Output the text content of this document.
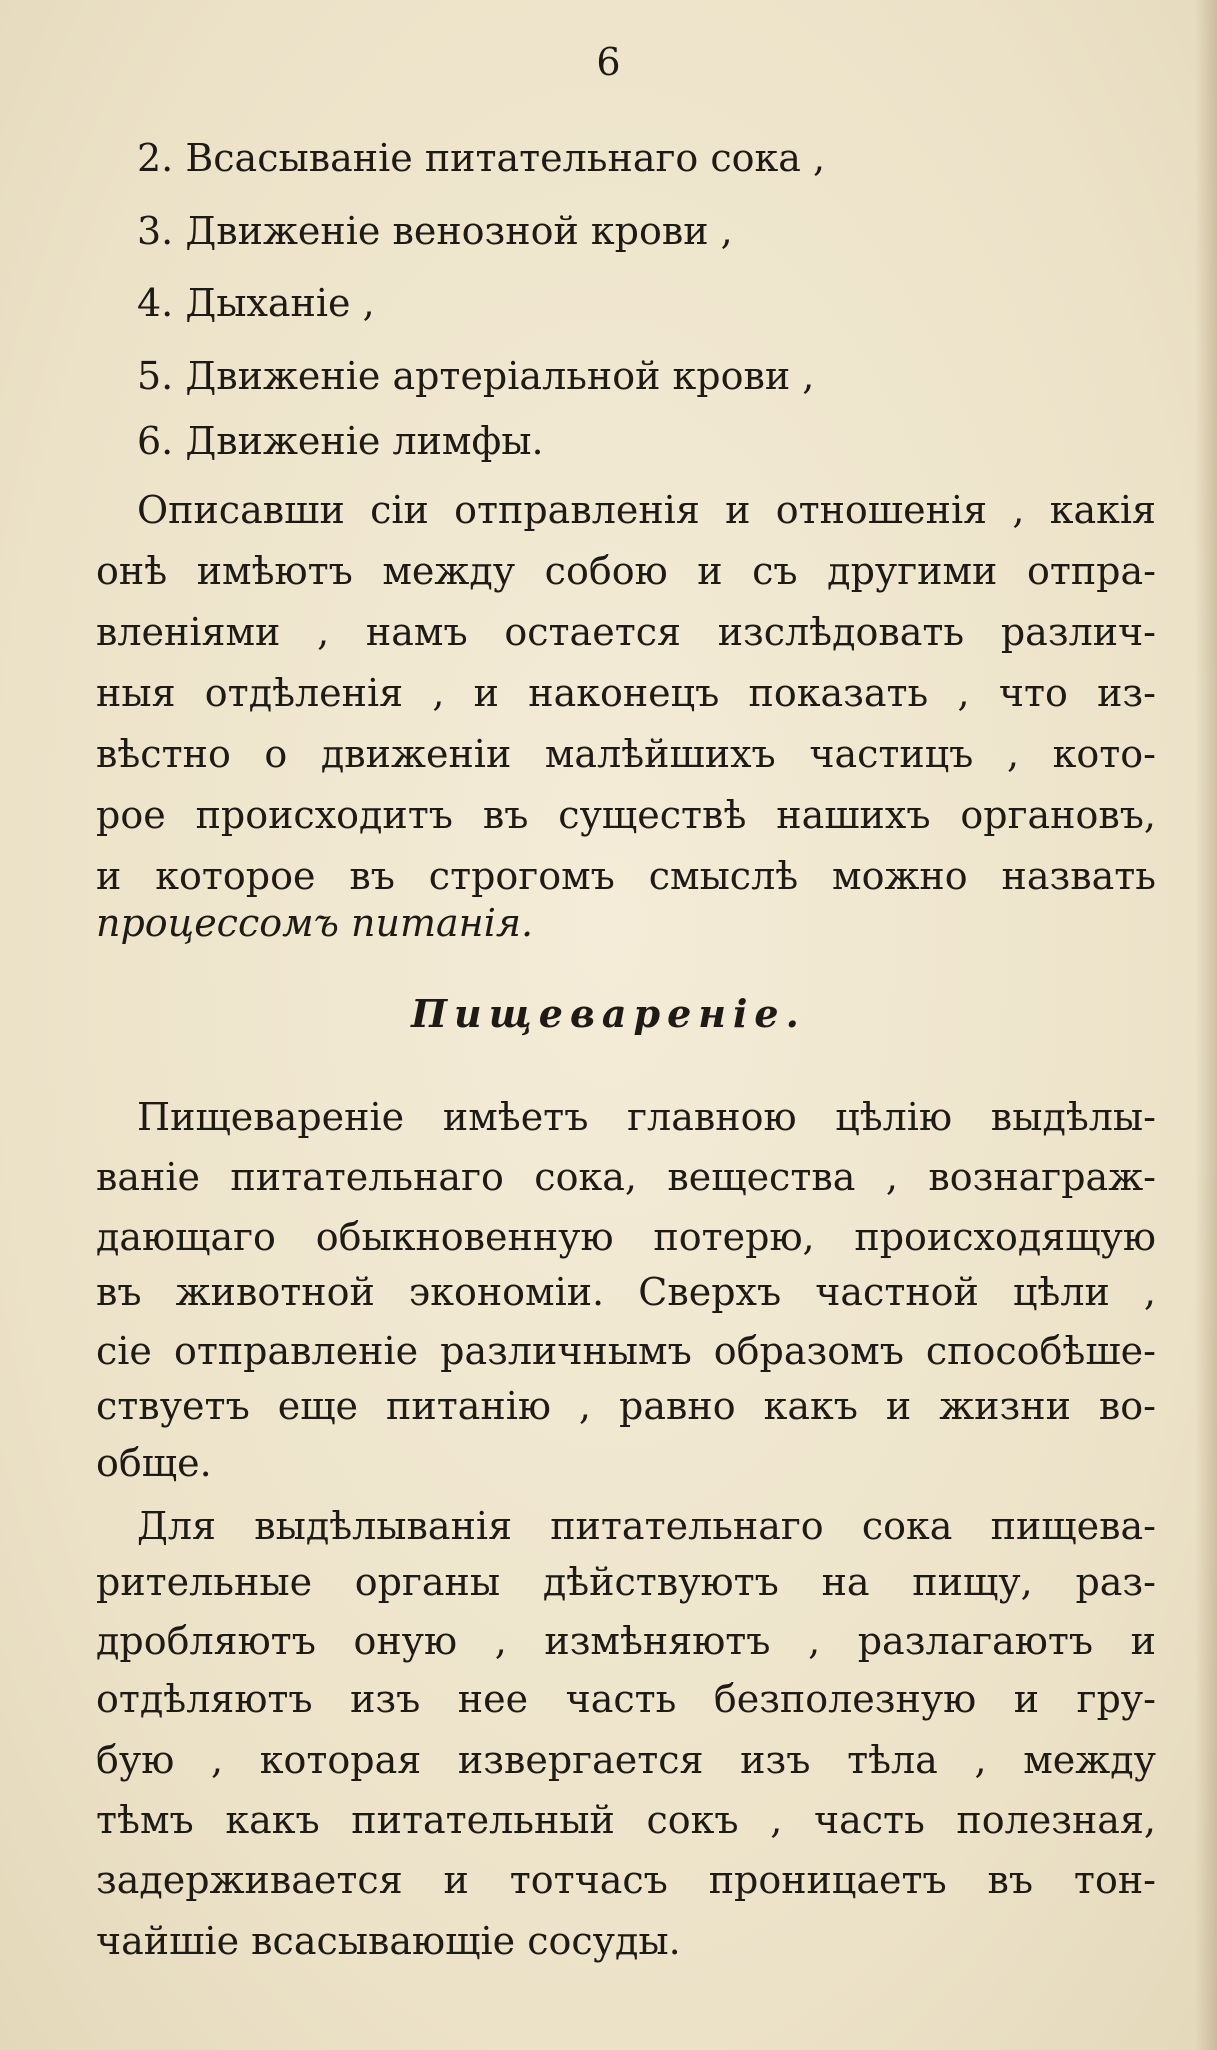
6
2. Всасыванiе питательнаго сока ,
3. Движенiе венозной крови ,
4. Дыханiе ,
5. Движенiе артерiальной крови ,
6. Движенiе лимфы.
Описавши сiи отправленiя и отношенiя , какiя
онѣ имѣютъ между собою и съ другими отпра-
вленiями , намъ остается изслѣдовать различ-
ныя отдѣленiя , и наконецъ показать , что из-
вѣстно о движенiи малѣйшихъ частицъ , кото-
рое происходитъ въ существѣ нашихъ органовъ,
и которое въ строгомъ смыслѣ можно назвать
процессомъ питанiя.
Пищеваренiе.
Пищеваренiе имѣетъ главною цѣлiю выдѣлы-
ванiе питательнаго сока, вещества , вознаграж-
дающаго обыкновенную потерю, происходящую
въ животной экономiи. Сверхъ частной цѣли ,
сiе отправленiе различнымъ образомъ способѣше-
ствуетъ еще питанiю , равно какъ и жизни во-
обще.
Для выдѣлыванiя питательнаго сока пищева-
рительные органы дѣйствуютъ на пищу, раз-
дробляютъ оную , измѣняютъ , разлагаютъ и
отдѣляютъ изъ нее часть безполезную и гру-
бую , которая извергается изъ тѣла , между
тѣмъ какъ питательный сокъ , часть полезная,
задерживается и тотчасъ проницаетъ въ тон-
чайшiе всасывающiе сосуды.
